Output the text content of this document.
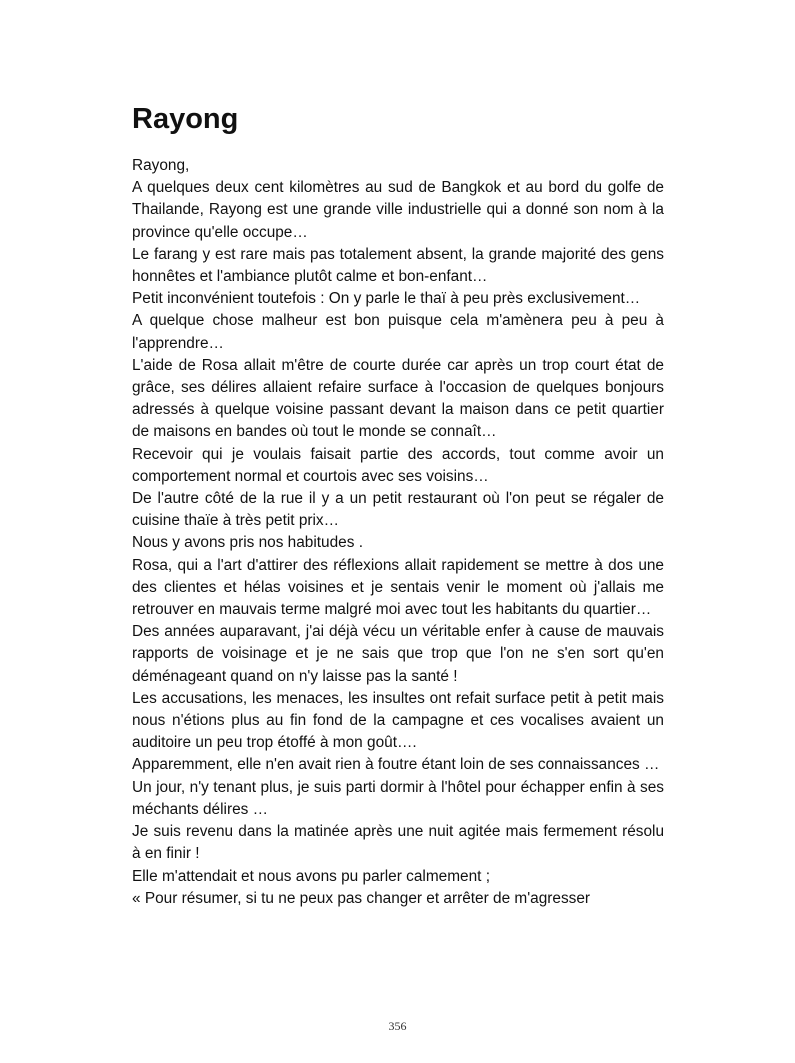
Rayong

Rayong,

A quelques deux cent kilomètres au sud de Bangkok et au bord du golfe de Thailande, Rayong est une grande ville industrielle qui a donné son nom à la province qu'elle occupe…

Le farang y est rare mais pas totalement absent, la grande majorité des gens honnêtes et l'ambiance plutôt calme et bon-enfant…

Petit inconvénient toutefois : On y parle le thaï à peu près exclusivement…

A quelque chose malheur est bon puisque cela m'amènera peu à peu à l'apprendre…

L'aide de Rosa allait m'être de courte durée car après un trop court état de grâce, ses délires allaient refaire surface à l'occasion de quelques bonjours adressés à quelque voisine passant devant la maison dans ce petit quartier de maisons en bandes où tout le monde se connaît…

Recevoir qui je voulais faisait partie des accords, tout comme avoir un comportement normal et courtois avec ses voisins…

De l'autre côté de la rue il y a un petit restaurant où l'on peut se régaler de cuisine thaïe à très petit prix…

Nous y avons pris nos habitudes .

Rosa, qui a l'art d'attirer des réflexions allait rapidement se mettre à dos une des clientes et hélas voisines et je sentais venir le moment où j'allais me retrouver en mauvais terme malgré moi avec tout les habitants du quartier…

Des années auparavant, j'ai déjà vécu un véritable enfer à cause de mauvais rapports de voisinage et je ne sais que trop que l'on ne s'en sort qu'en déménageant quand on n'y laisse pas la santé !

Les accusations, les menaces, les insultes ont refait surface petit à petit mais nous n'étions plus au fin fond de la campagne et ces vocalises avaient un auditoire un peu trop étoffé à mon goût….

Apparemment, elle n'en avait rien à foutre étant loin de ses connaissances …

Un jour, n'y tenant plus, je suis parti dormir à l'hôtel pour échapper enfin à ses méchants délires …

Je suis revenu dans la matinée après une nuit agitée mais fermement résolu à en finir !

Elle m'attendait et nous avons pu parler calmement ;

« Pour résumer, si tu ne peux pas changer et arrêter de m'agresser

356
